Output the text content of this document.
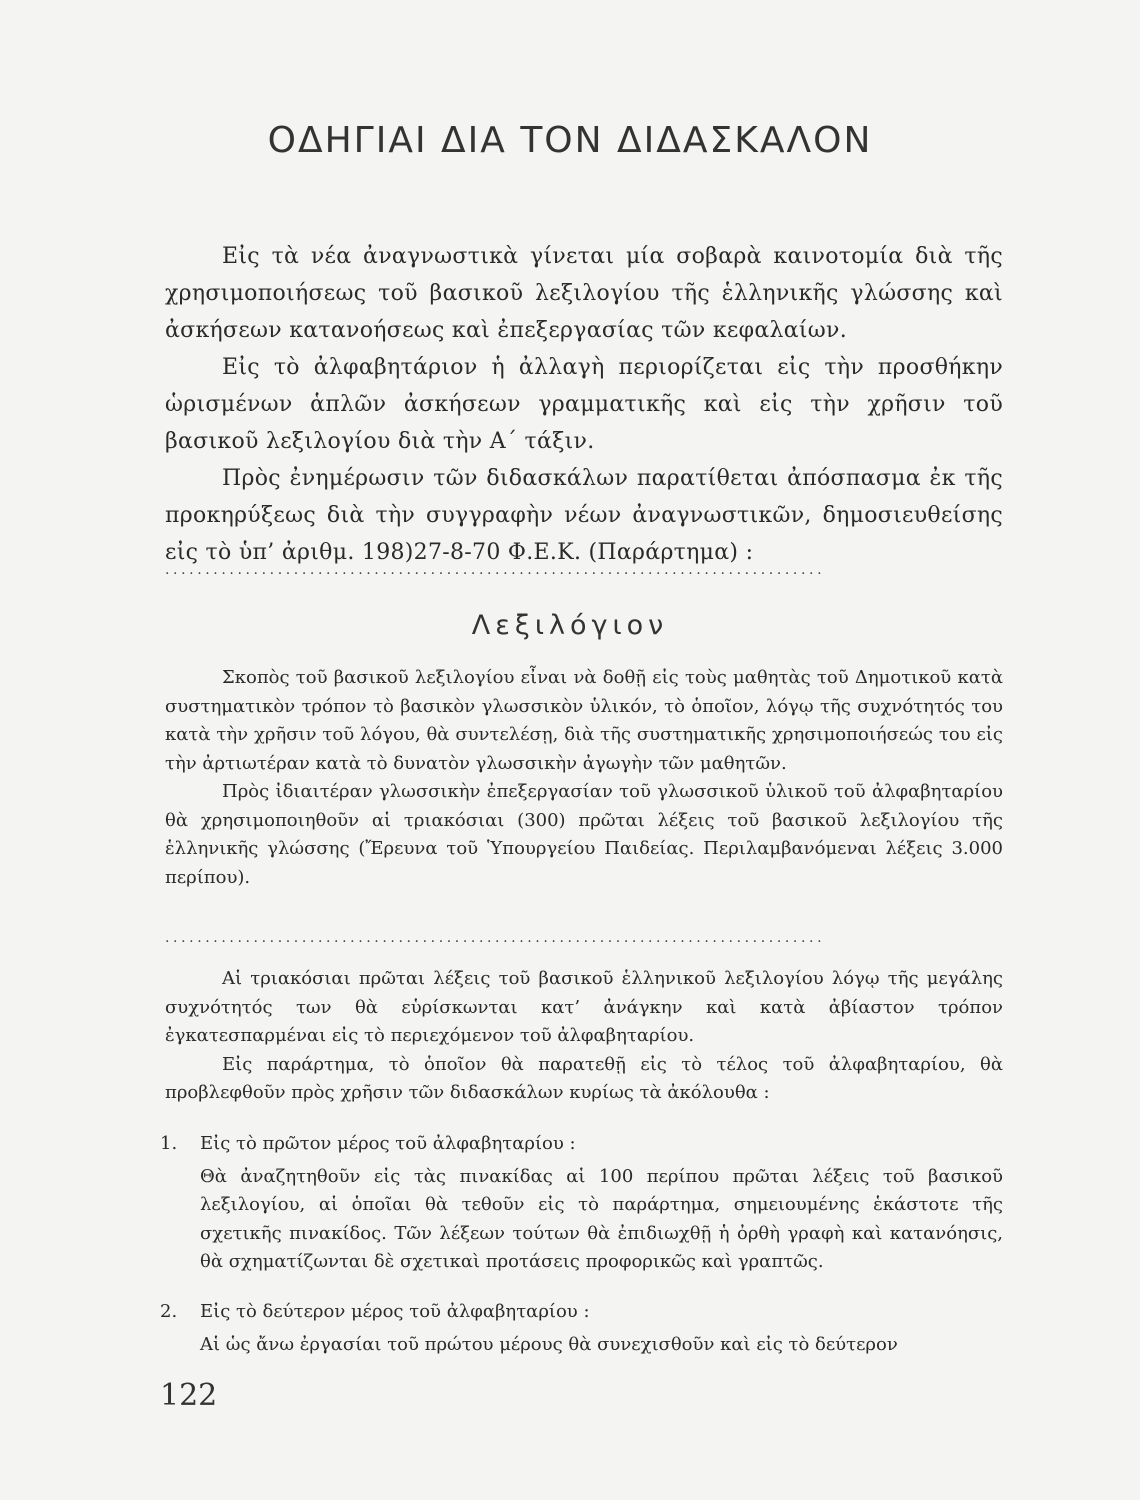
ΟΔΗΓΙΑΙ ΔΙΑ ΤΟΝ ΔΙΔΑΣΚΑΛΟΝ

Εἰς τὰ νέα ἀναγνωστικὰ γίνεται μία σοβαρὰ καινοτομία διὰ τῆς χρησιμοποιήσεως τοῦ βασικοῦ λεξιλογίου τῆς ἑλληνικῆς γλώσσης καὶ ἀσκήσεων κατανοήσεως καὶ ἐπεξεργασίας τῶν κεφαλαίων.

Εἰς τὸ ἀλφαβητάριον ἡ ἀλλαγὴ περιορίζεται εἰς τὴν προσθήκην ὡρισμένων ἁπλῶν ἀσκήσεων γραμματικῆς καὶ εἰς τὴν χρῆσιν τοῦ βασικοῦ λεξιλογίου διὰ τὴν Α΄ τάξιν.

Πρὸς ἐνημέρωσιν τῶν διδασκάλων παρατίθεται ἀπόσπασμα ἐκ τῆς προκηρύξεως διὰ τὴν συγγραφὴν νέων ἀναγνωστικῶν, δημοσιευθείσης εἰς τὸ ὑπ’ ἀριθμ. 198)27-8-70 Φ.Ε.Κ. (Παράρτημα) :

..................................................................................
Λεξιλόγιον

Σκοπὸς τοῦ βασικοῦ λεξιλογίου εἶναι νὰ δοθῇ εἰς τοὺς μαθητὰς τοῦ Δημοτικοῦ κατὰ συστηματικὸν τρόπον τὸ βασικὸν γλωσσικὸν ὑλικόν, τὸ ὁποῖον, λόγῳ τῆς συχνότητός του κατὰ τὴν χρῆσιν τοῦ λόγου, θὰ συντελέσῃ, διὰ τῆς συστηματικῆς χρησιμοποιήσεώς του εἰς τὴν ἀρτιωτέραν κατὰ τὸ δυνατὸν γλωσσικὴν ἀγωγὴν τῶν μαθητῶν.

Πρὸς ἰδιαιτέραν γλωσσικὴν ἐπεξεργασίαν τοῦ γλωσσικοῦ ὑλικοῦ τοῦ ἀλφαβηταρίου θὰ χρησιμοποιηθοῦν αἱ τριακόσιαι (300) πρῶται λέξεις τοῦ βασικοῦ λεξιλογίου τῆς ἑλληνικῆς γλώσσης (Ἔρευνα τοῦ Ὑπουργείου Παιδείας. Περιλαμβανόμεναι λέξεις 3.000 περίπου).

..................................................................................

Αἱ τριακόσιαι πρῶται λέξεις τοῦ βασικοῦ ἑλληνικοῦ λεξιλογίου λόγῳ τῆς μεγάλης συχνότητός των θὰ εὑρίσκωνται κατ’ ἀνάγκην καὶ κατὰ ἀβίαστον τρόπον ἐγκατεσπαρμέναι εἰς τὸ περιεχόμενον τοῦ ἀλφαβηταρίου.

Εἰς παράρτημα, τὸ ὁποῖον θὰ παρατεθῇ εἰς τὸ τέλος τοῦ ἀλφαβηταρίου, θὰ προβλεφθοῦν πρὸς χρῆσιν τῶν διδασκάλων κυρίως τὰ ἀκόλουθα :

1.	Εἰς τὸ πρῶτον μέρος τοῦ ἀλφαβηταρίου :
Θὰ ἀναζητηθοῦν εἰς τὰς πινακίδας αἱ 100 περίπου πρῶται λέξεις τοῦ βασικοῦ λεξιλογίου, αἱ ὁποῖαι θὰ τεθοῦν εἰς τὸ παράρτημα, σημειουμένης ἑκάστοτε τῆς σχετικῆς πινακίδος. Τῶν λέξεων τούτων θὰ ἐπιδιωχθῇ ἡ ὀρθὴ γραφὴ καὶ κατανόησις, θὰ σχηματίζωνται δὲ σχετικαὶ προτάσεις προφορικῶς καὶ γραπτῶς.
2.	Εἰς τὸ δεύτερον μέρος τοῦ ἀλφαβηταρίου :
Αἱ ὡς ἄνω ἐργασίαι τοῦ πρώτου μέρους θὰ συνεχισθοῦν καὶ εἰς τὸ δεύτερον
122
